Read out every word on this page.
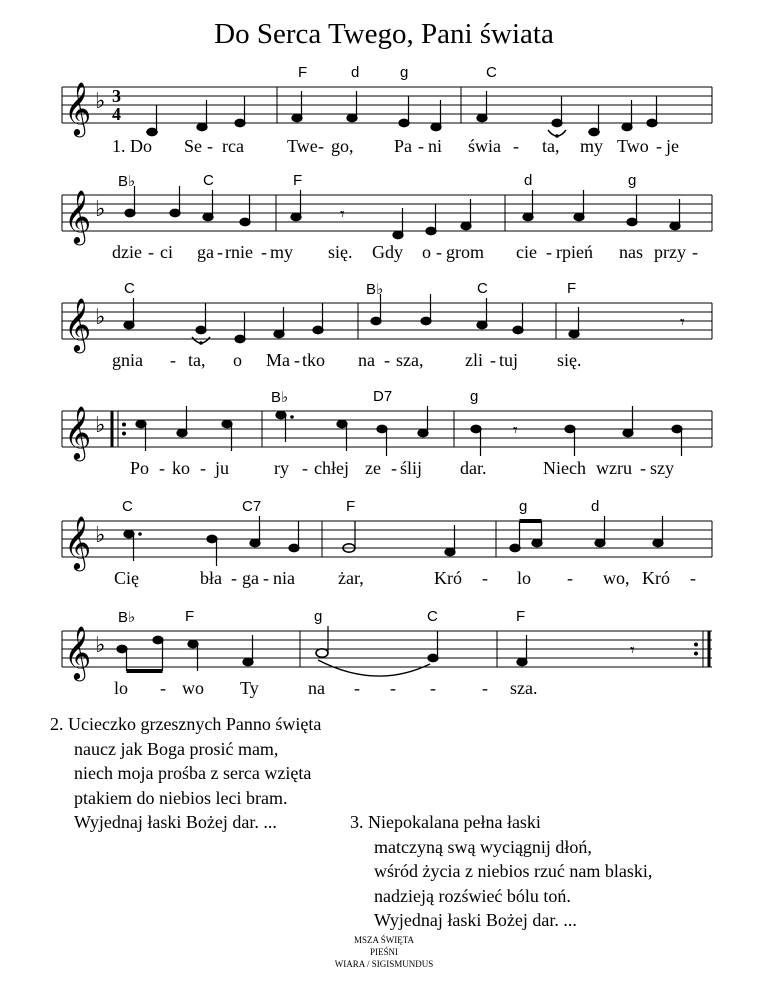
Do Serca Twego, Pani świata
𝄞 ♭ 3
4
F	d	g	C
1. Do Se - rca Twe - go, Pa - ni świa - ta, my Two - je
𝄞 ♭	𝄾
B♭	C	F	d	g
dzie - ci ga - rnie - my się. Gdy o - grom cie - rpień nas przy -
𝄞 ♭	𝄾
C	B♭	C	F
gnia - ta, o Ma - tko na - sza, zli - tuj się.
𝄞 ♭	𝄾
B♭	D7	g
Po - ko - ju ry - chłej ze - ślij dar.	Niech wzru - szy
𝄞 ♭
C	C7	F	g	d
Cię	bła - ga - nia żar,	Kró - lo - wo, Kró -
𝄞 ♭	𝄾
B♭	F	g	C	F
lo - wo Ty	na - - -	- sza.
2. Ucieczko grzesznych Panno święta
naucz jak Boga prosić mam,
niech moja prośba z serca wzięta
ptakiem do niebios leci bram.
Wyjednaj łaski Bożej dar. ...	3. Niepokalana pełna łaski
matczyną swą wyciągnij dłoń,
wśród życia z niebios rzuć nam blaski,
nadzieją rozświeć bólu toń.
Wyjednaj łaski Bożej dar. ...
MSZA ŚWIĘTA
PIEŚNI
WIARA / SIGISMUNDUS
